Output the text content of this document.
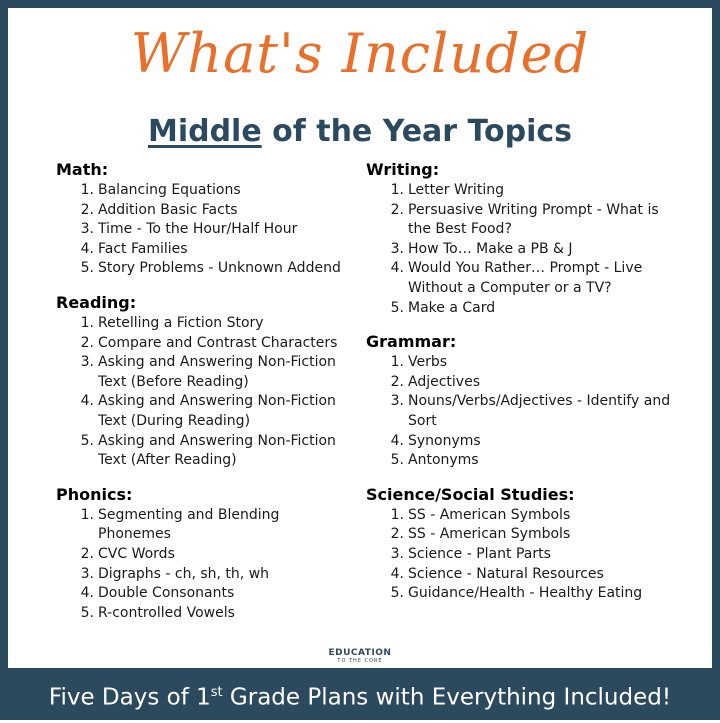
What's Included
Middle of the Year Topics
Math:
1. Balancing Equations
2. Addition Basic Facts
3. Time - To the Hour/Half Hour
4. Fact Families
5. Story Problems - Unknown Addend
Reading:
1. Retelling a Fiction Story
2. Compare and Contrast Characters
3. Asking and Answering Non-Fiction Text (Before Reading)
4. Asking and Answering Non-Fiction Text (During Reading)
5. Asking and Answering Non-Fiction Text (After Reading)
Phonics:
1. Segmenting and Blending Phonemes
2. CVC Words
3. Digraphs - ch, sh, th, wh
4. Double Consonants
5. R-controlled Vowels
Writing:
1. Letter Writing
2. Persuasive Writing Prompt - What is the Best Food?
3. How To… Make a PB & J
4. Would You Rather… Prompt - Live Without a Computer or a TV?
5. Make a Card
Grammar:
1. Verbs
2. Adjectives
3. Nouns/Verbs/Adjectives - Identify and Sort
4. Synonyms
5. Antonyms
Science/Social Studies:
1. SS - American Symbols
2. SS - American Symbols
3. Science - Plant Parts
4. Science - Natural Resources
5. Guidance/Health - Healthy Eating
EDUCATION
TO THE CORE
Five Days of 1st Grade Plans with Everything Included!
